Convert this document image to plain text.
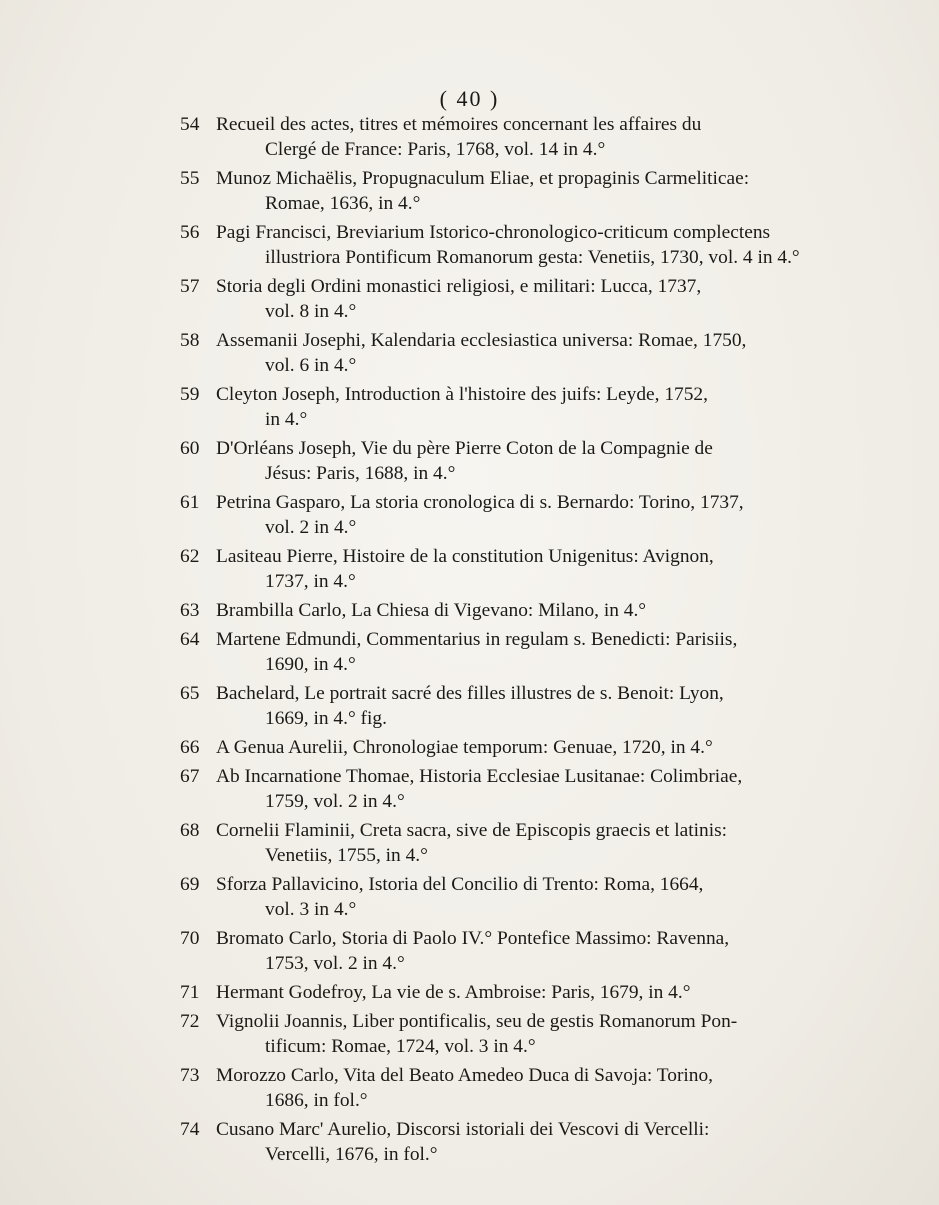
( 40 )
54 Recueil des actes, titres et mémoires concernant les affaires du
Clergé de France: Paris, 1768, vol. 14 in 4.°
55 Munoz Michaëlis, Propugnaculum Eliae, et propaginis Carmeliticae:
Romae, 1636, in 4.°
56 Pagi Francisci, Breviarium Istorico-chronologico-criticum complectens
illustriora Pontificum Romanorum gesta: Venetiis, 1730, vol. 4 in 4.°
57 Storia degli Ordini monastici religiosi, e militari: Lucca, 1737,
vol. 8 in 4.°
58 Assemanii Josephi, Kalendaria ecclesiastica universa: Romae, 1750,
vol. 6 in 4.°
59 Cleyton Joseph, Introduction à l'histoire des juifs: Leyde, 1752,
in 4.°
60 D'Orléans Joseph, Vie du père Pierre Coton de la Compagnie de
Jésus: Paris, 1688, in 4.°
61 Petrina Gasparo, La storia cronologica di s. Bernardo: Torino, 1737,
vol. 2 in 4.°
62 Lasiteau Pierre, Histoire de la constitution Unigenitus: Avignon,
1737, in 4.°
63 Brambilla Carlo, La Chiesa di Vigevano: Milano, in 4.°
64 Martene Edmundi, Commentarius in regulam s. Benedicti: Parisiis,
1690, in 4.°
65 Bachelard, Le portrait sacré des filles illustres de s. Benoit: Lyon,
1669, in 4.° fig.
66 A Genua Aurelii, Chronologiae temporum: Genuae, 1720, in 4.°
67 Ab Incarnatione Thomae, Historia Ecclesiae Lusitanae: Colimbriae,
1759, vol. 2 in 4.°
68 Cornelii Flaminii, Creta sacra, sive de Episcopis graecis et latinis:
Venetiis, 1755, in 4.°
69 Sforza Pallavicino, Istoria del Concilio di Trento: Roma, 1664,
vol. 3 in 4.°
70 Bromato Carlo, Storia di Paolo IV.° Pontefice Massimo: Ravenna,
1753, vol. 2 in 4.°
71 Hermant Godefroy, La vie de s. Ambroise: Paris, 1679, in 4.°
72 Vignolii Joannis, Liber pontificalis, seu de gestis Romanorum Pon-
tificum: Romae, 1724, vol. 3 in 4.°
73 Morozzo Carlo, Vita del Beato Amedeo Duca di Savoja: Torino,
1686, in fol.°
74 Cusano Marc' Aurelio, Discorsi istoriali dei Vescovi di Vercelli:
Vercelli, 1676, in fol.°
